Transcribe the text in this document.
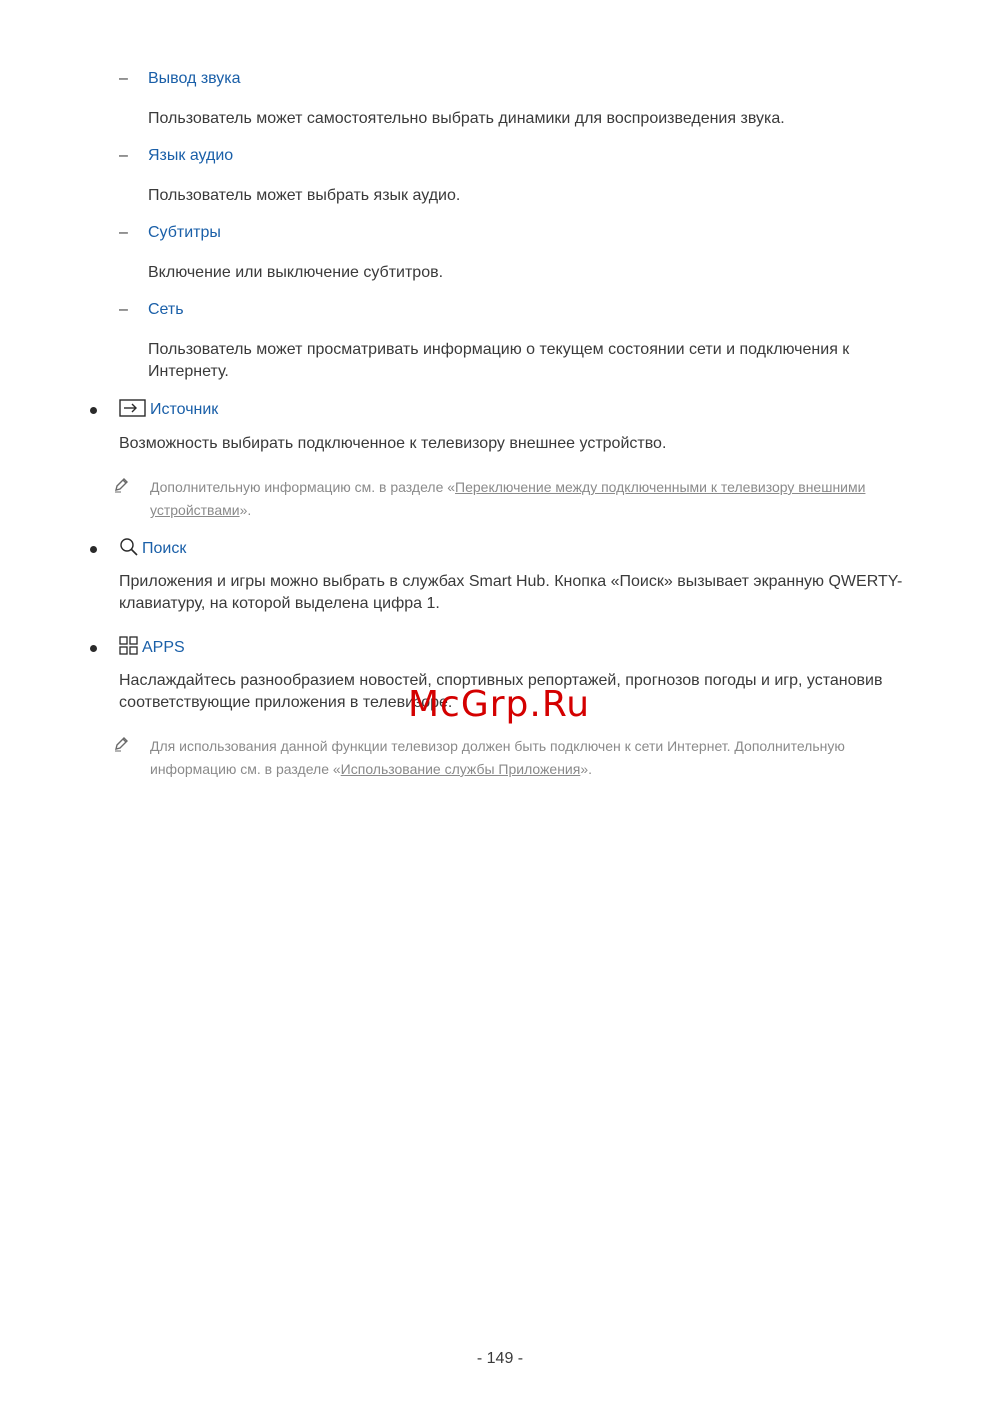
– Вывод звука
Пользователь может самостоятельно выбрать динамики для воспроизведения звука.
– Язык аудио
Пользователь может выбрать язык аудио.
– Субтитры
Включение или выключение субтитров.
– Сеть
Пользователь может просматривать информацию о текущем состоянии сети и подключения к Интернету.
Источник
Возможность выбирать подключенное к телевизору внешнее устройство.
Дополнительную информацию см. в разделе «Переключение между подключенными к телевизору внешними устройствами».
Поиск
Приложения и игры можно выбрать в службах Smart Hub. Кнопка «Поиск» вызывает экранную QWERTY-клавиатуру, на которой выделена цифра 1.
APPS
Наслаждайтесь разнообразием новостей, спортивных репортажей, прогнозов погоды и игр, установив соответствующие приложения в телевизоре.
Для использования данной функции телевизор должен быть подключен к сети Интернет. Дополнительную информацию см. в разделе «Использование службы Приложения».
McGrp.Ru
- 149 -
